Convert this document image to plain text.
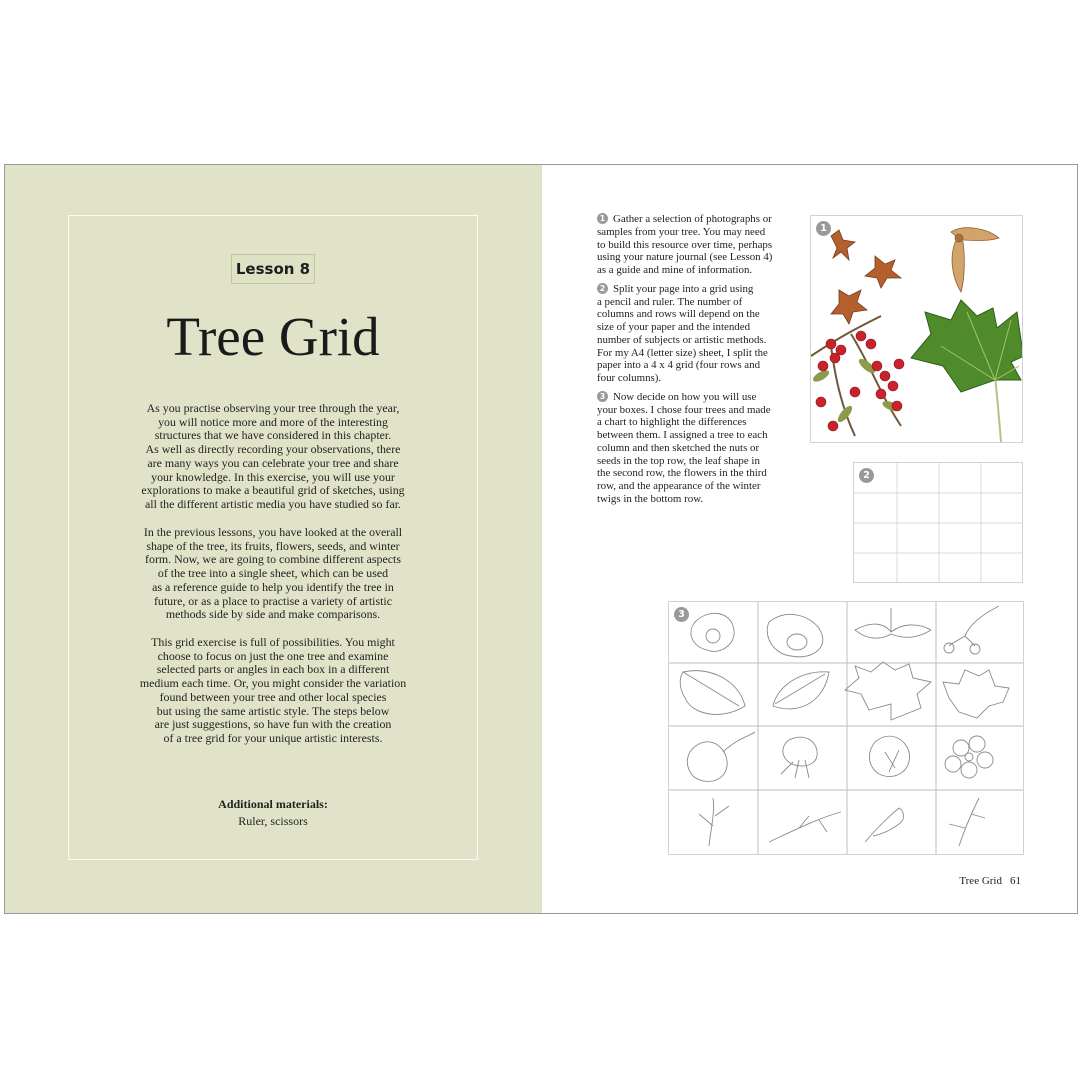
Lesson 8
Tree Grid
As you practise observing your tree through the year,
you will notice more and more of the interesting
structures that we have considered in this chapter.
As well as directly recording your observations, there
are many ways you can celebrate your tree and share
your knowledge. In this exercise, you will use your
explorations to make a beautiful grid of sketches, using
all the different artistic media you have studied so far.
In the previous lessons, you have looked at the overall
shape of the tree, its fruits, flowers, seeds, and winter
form. Now, we are going to combine different aspects
of the tree into a single sheet, which can be used
as a reference guide to help you identify the tree in
future, or as a place to practise a variety of artistic
methods side by side and make comparisons.
This grid exercise is full of possibilities. You might
choose to focus on just the one tree and examine
selected parts or angles in each box in a different
medium each time. Or, you might consider the variation
found between your tree and other local species
but using the same artistic style. The steps below
are just suggestions, so have fun with the creation
of a tree grid for your unique artistic interests.
Additional materials:
Ruler, scissors
1 Gather a selection of photographs or
samples from your tree. You may need
to build this resource over time, perhaps
using your nature journal (see Lesson 4)
as a guide and mine of information.
2 Split your page into a grid using
a pencil and ruler. The number of
columns and rows will depend on the
size of your paper and the intended
number of subjects or artistic methods.
For my A4 (letter size) sheet, I split the
paper into a 4 x 4 grid (four rows and
four columns).
3 Now decide on how you will use
your boxes. I chose four trees and made
a chart to highlight the differences
between them. I assigned a tree to each
column and then sketched the nuts or
seeds in the top row, the leaf shape in
the second row, the flowers in the third
row, and the appearance of the winter
twigs in the bottom row.
1
2
3
Tree Grid 61
